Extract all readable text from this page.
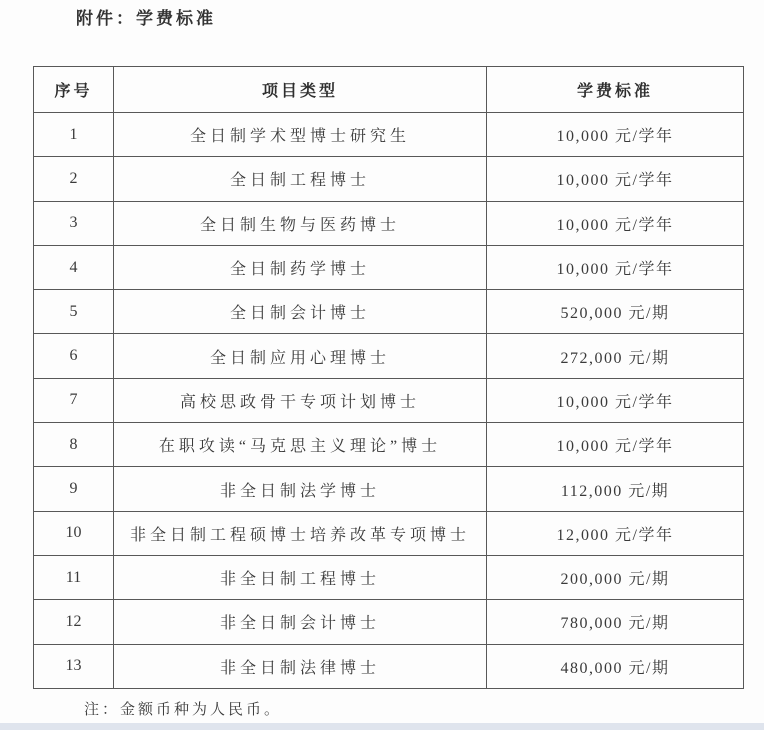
附件：学费标准
序号	项目类型	学费标准
1	全日制学术型博士研究生	10,000 元/学年
2	全日制工程博士	10,000 元/学年
3	全日制生物与医药博士	10,000 元/学年
4	全日制药学博士	10,000 元/学年
5	全日制会计博士	520,000 元/期
6	全日制应用心理博士	272,000 元/期
7	高校思政骨干专项计划博士	10,000 元/学年
8	在职攻读“马克思主义理论”博士	10,000 元/学年
9	非全日制法学博士	112,000 元/期
10	非全日制工程硕博士培养改革专项博士	12,000 元/学年
11	非全日制工程博士	200,000 元/期
12	非全日制会计博士	780,000 元/期
13	非全日制法律博士	480,000 元/期
注：金额币种为人民币。
